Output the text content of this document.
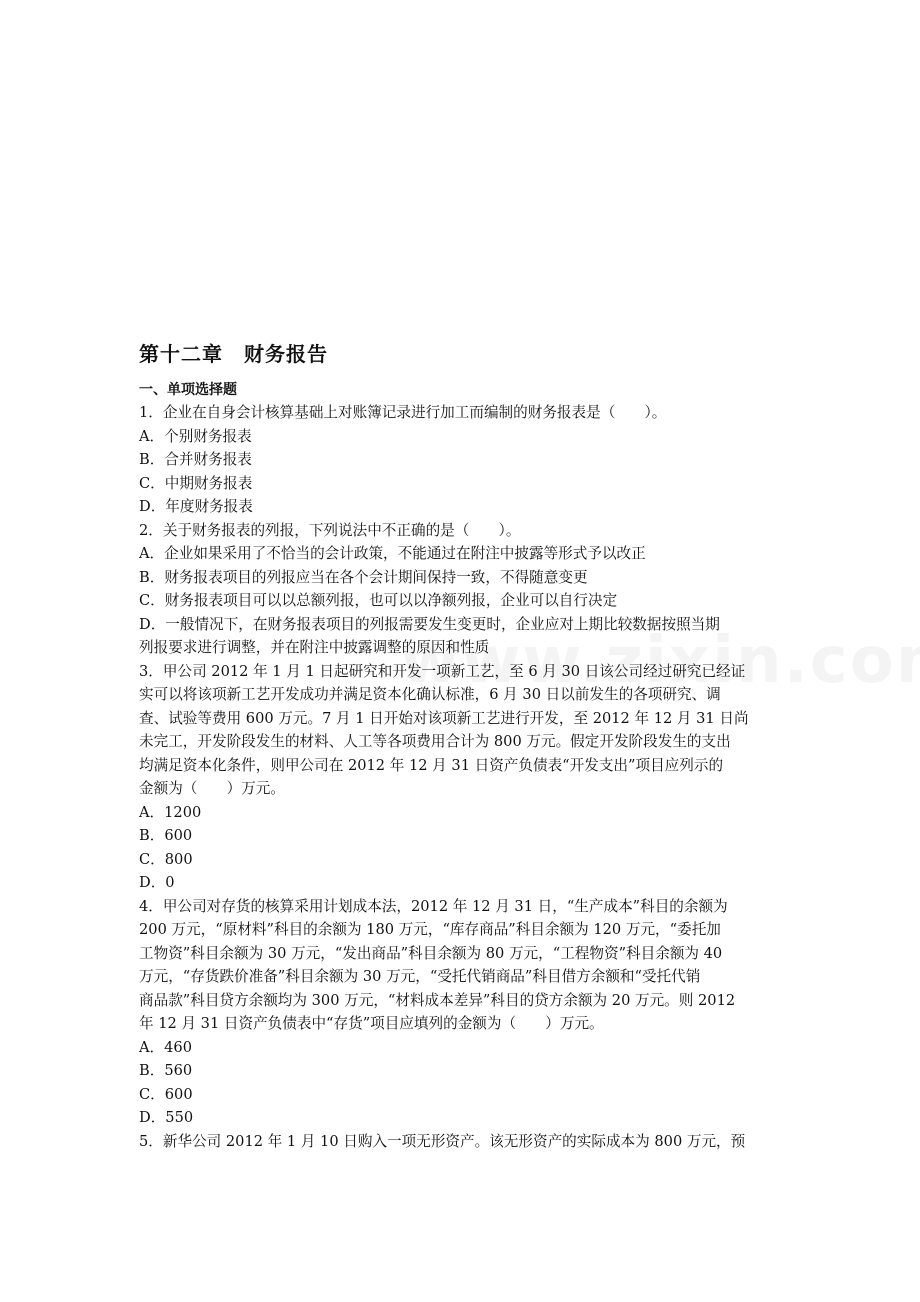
第十二章　财务报告
一、单项选择题
1．企业在自身会计核算基础上对账簿记录进行加工而编制的财务报表是（　　）。
A．个别财务报表
B．合并财务报表
C．中期财务报表
D．年度财务报表
2．关于财务报表的列报，下列说法中不正确的是（　　）。
A．企业如果采用了不恰当的会计政策，不能通过在附注中披露等形式予以改正
B．财务报表项目的列报应当在各个会计期间保持一致，不得随意变更
C．财务报表项目可以以总额列报，也可以以净额列报，企业可以自行决定
D．一般情况下，在财务报表项目的列报需要发生变更时，企业应对上期比较数据按照当期
列报要求进行调整，并在附注中披露调整的原因和性质
3．甲公司 2012 年 1 月 1 日起研究和开发一项新工艺，至 6 月 30 日该公司经过研究已经证
实可以将该项新工艺开发成功并满足资本化确认标准，6 月 30 日以前发生的各项研究、调
查、试验等费用 600 万元。7 月 1 日开始对该项新工艺进行开发，至 2012 年 12 月 31 日尚
未完工，开发阶段发生的材料、人工等各项费用合计为 800 万元。假定开发阶段发生的支出
均满足资本化条件，则甲公司在 2012 年 12 月 31 日资产负债表“开发支出”项目应列示的
金额为（　　）万元。
A．1200
B．600
C．800
D．0
4．甲公司对存货的核算采用计划成本法，2012 年 12 月 31 日，“生产成本”科目的余额为
200 万元，“原材料”科目的余额为 180 万元，“库存商品”科目余额为 120 万元，“委托加
工物资”科目余额为 30 万元，“发出商品”科目余额为 80 万元，“工程物资”科目余额为 40
万元，“存货跌价准备”科目余额为 30 万元，“受托代销商品”科目借方余额和“受托代销
商品款”科目贷方余额均为 300 万元，“材料成本差异”科目的贷方余额为 20 万元。则 2012
年 12 月 31 日资产负债表中“存货”项目应填列的金额为（　　）万元。
A．460
B．560
C．600
D．550
5．新华公司 2012 年 1 月 10 日购入一项无形资产。该无形资产的实际成本为 800 万元，预
